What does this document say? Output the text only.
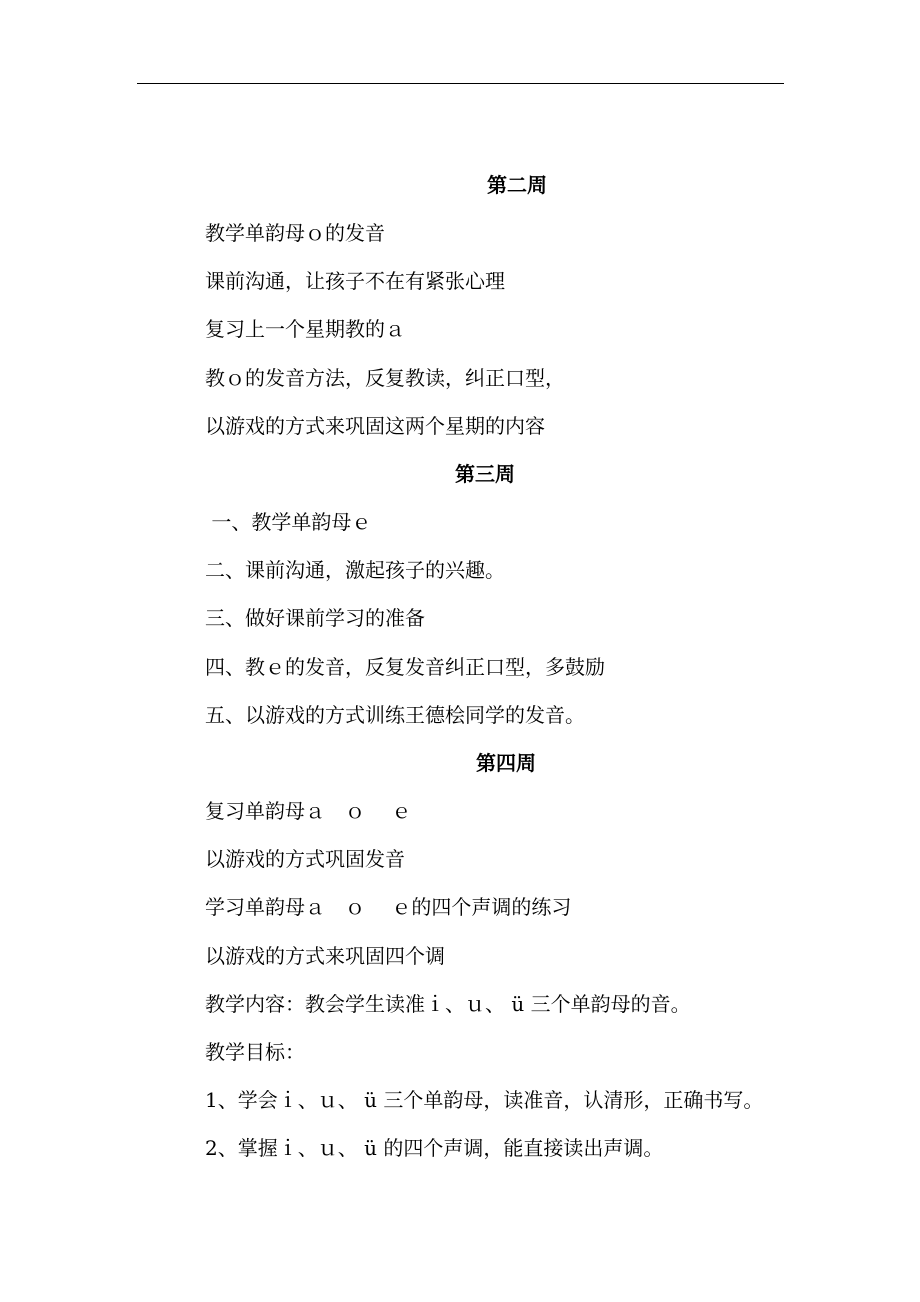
第二周

教学单韵母ｏ的发音

课前沟通，让孩子不在有紧张心理

复习上一个星期教的ａ

教ｏ的发音方法，反复教读，纠正口型，

以游戏的方式来巩固这两个星期的内容

第三周

一、教学单韵母ｅ

二、课前沟通，激起孩子的兴趣。

三、做好课前学习的准备

四、教ｅ的发音，反复发音纠正口型，多鼓励

五、以游戏的方式训练王德桧同学的发音。

第四周

复习单韵母ａ　ｏ　 ｅ

以游戏的方式巩固发音

学习单韵母ａ　ｏ　 ｅ的四个声调的练习

以游戏的方式来巩固四个调

教学内容：教会学生读准ｉ、ｕ、 ü 三个单韵母的音。

教学目标：

1、学会ｉ、ｕ、 ü 三个单韵母，读准音，认清形，正确书写。

2、掌握ｉ、ｕ、 ü 的四个声调，能直接读出声调。
